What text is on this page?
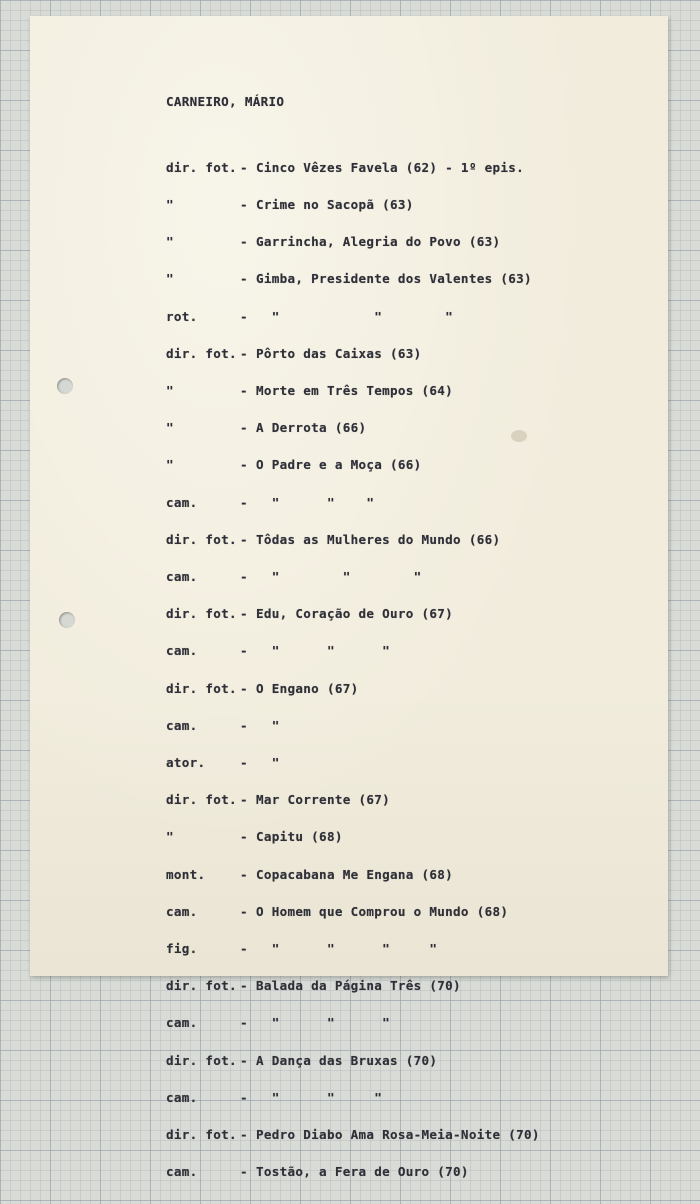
CARNEIRO, MÁRIO

dir. fot. - Cinco Vêzes Favela (62) - 1º epis.

"	- Crime no Sacopã (63)

"	- Garrincha, Alegria do Povo (63)

"	- Gimba, Presidente dos Valentes (63)

rot.	- "            "        "

dir. fot. - Pôrto das Caixas (63)

"	- Morte em Três Tempos (64)

"	- A Derrota (66)

"	- O Padre e a Moça (66)

cam.	- "      "    "

dir. fot. - Tôdas as Mulheres do Mundo (66)

cam.	- "        "        "

dir. fot. - Edu, Coração de Ouro (67)

cam.	- "      "      "

dir. fot. - O Engano (67)

cam.	- "

ator.	- "

dir. fot. - Mar Corrente (67)

"	- Capitu (68)

mont.	- Copacabana Me Engana (68)

cam.	- O Homem que Comprou o Mundo (68)

fig.	- "      "      "     "

dir. fot. - Balada da Página Três (70)

cam.	- "      "      "

dir. fot. - A Dança das Bruxas (70)

cam.	- "      "     "

dir. fot. - Pedro Diabo Ama Rosa-Meia-Noite (70)

cam.	- Tostão, a Fera de Ouro (70)
